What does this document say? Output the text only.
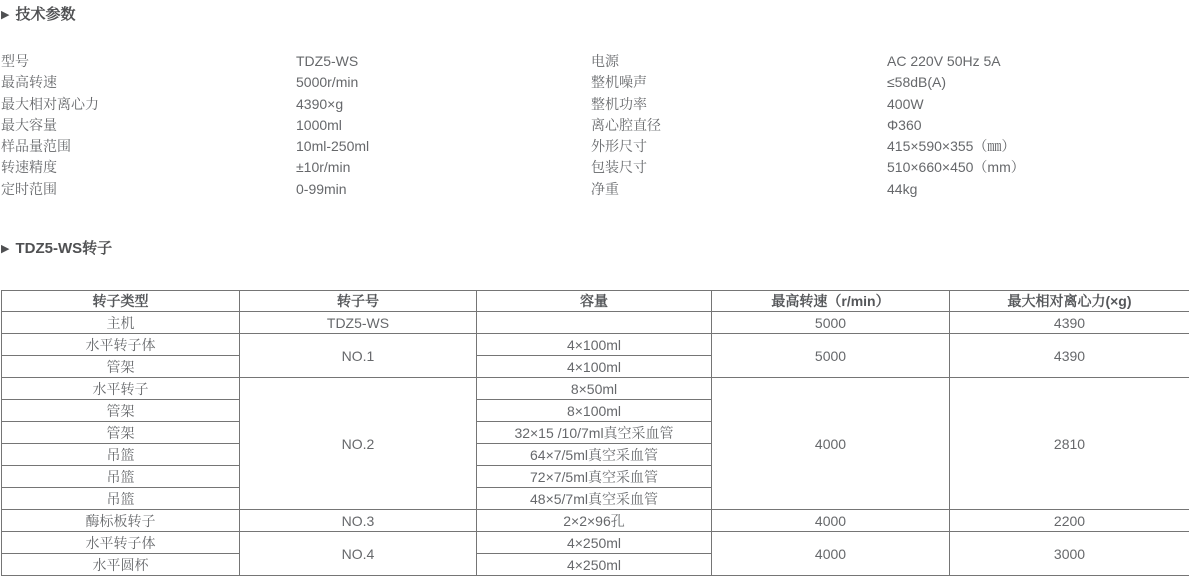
▶ 技术参数
型号	TDZ5-WS	电源	AC 220V 50Hz 5A
最高转速	5000r/min	整机噪声	≤58dB(A)
最大相对离心力	4390×g	整机功率	400W
最大容量	1000ml	离心腔直径	Φ360
样品量范围	10ml-250ml	外形尺寸	415×590×355（㎜）
转速精度	±10r/min	包装尺寸	510×660×450（mm）
定时范围	0-99min	净重	44kg
▶ TDZ5-WS转子
转子类型	转子号	容量	最高转速（r/min）	最大相对离心力(×g)
主机	TDZ5-WS		5000	4390
水平转子体	NO.1	4×100ml	5000	4390
管架		4×100ml		
水平转子	NO.2	8×50ml	4000	2810
管架		8×100ml		
管架		32×15 /10/7ml真空采血管		
吊篮		64×7/5ml真空采血管		
吊篮		72×7/5ml真空采血管		
吊篮		48×5/7ml真空采血管		
酶标板转子	NO.3	2×2×96孔	4000	2200
水平转子体	NO.4	4×250ml	4000	3000
水平圆杯		4×250ml		
